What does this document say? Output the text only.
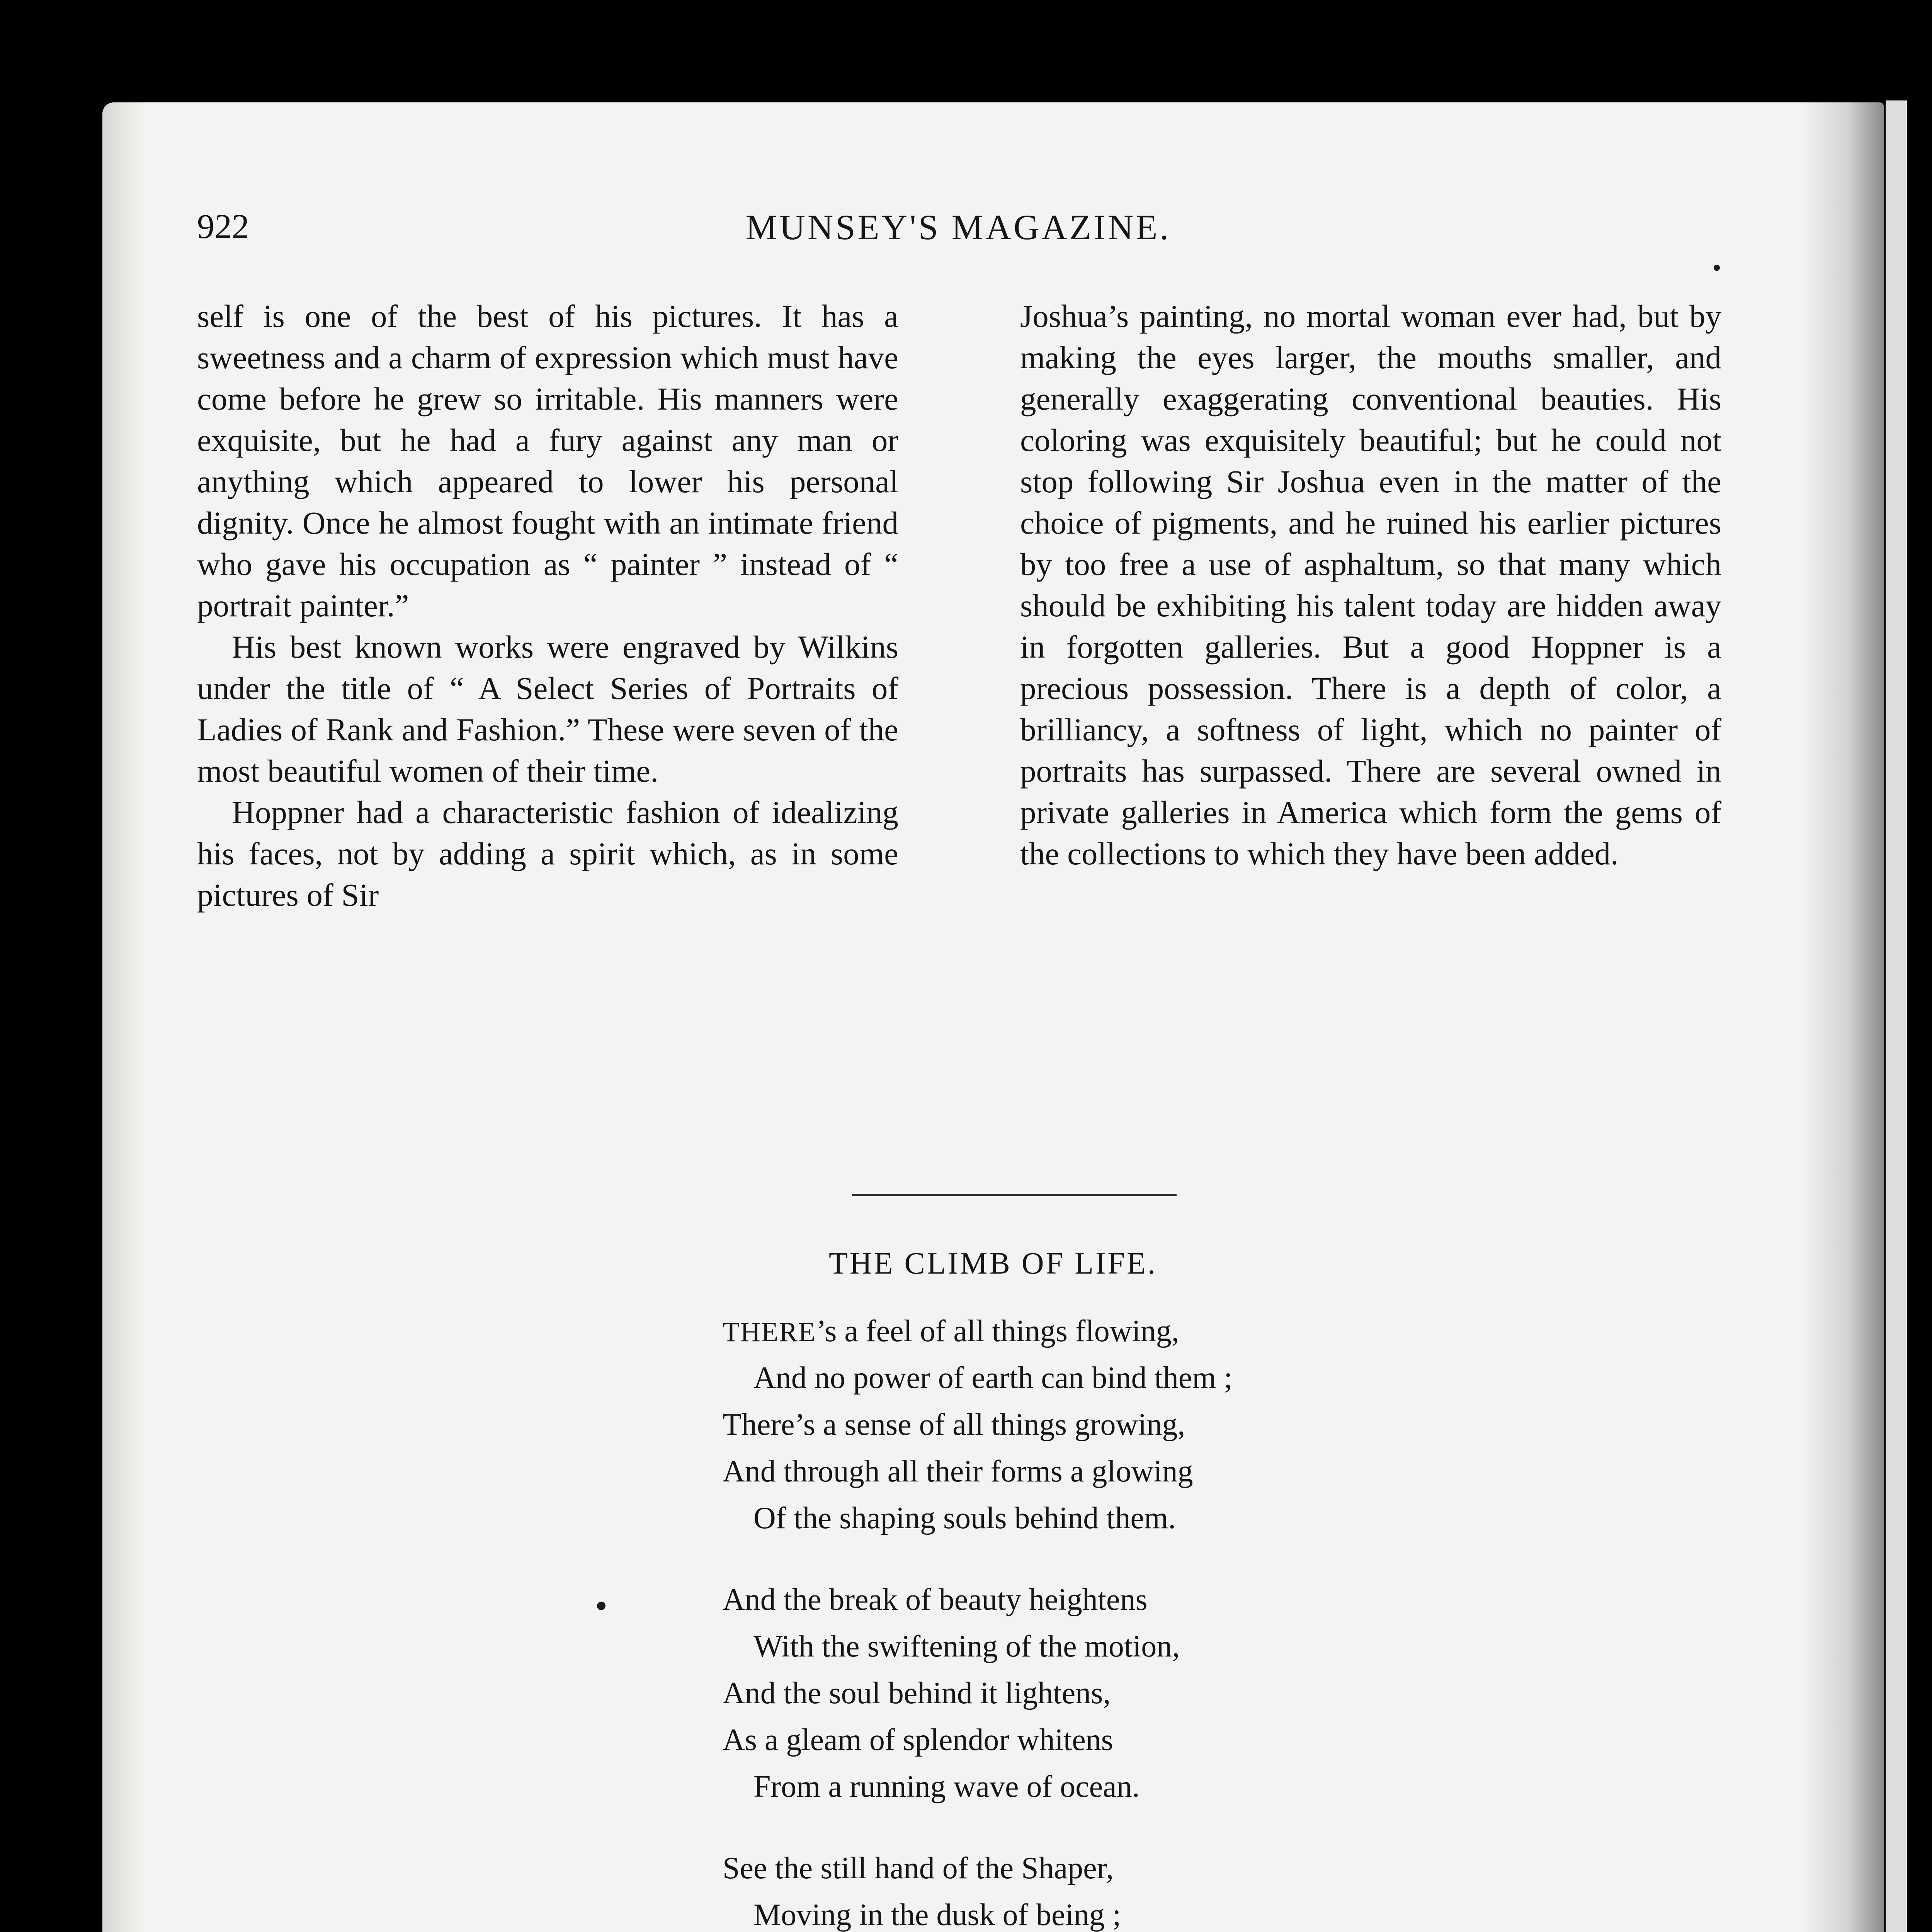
922	MUNSEY'S MAGAZINE.

self is one of the best of his pictures. It has a sweetness and a charm of expression which must have come before he grew so irritable. His manners were exquisite, but he had a fury against any man or anything which appeared to lower his personal dignity. Once he almost fought with an intimate friend who gave his occupation as “ painter ” instead of “ portrait painter.”

His best known works were engraved by Wilkins under the title of “ A Select Series of Portraits of Ladies of Rank and Fashion.” These were seven of the most beautiful women of their time.

Hoppner had a characteristic fashion of idealizing his faces, not by adding a spirit which, as in some pictures of Sir

Joshua’s painting, no mortal woman ever had, but by making the eyes larger, the mouths smaller, and generally exaggerating conventional beauties. His coloring was exquisitely beautiful; but he could not stop following Sir Joshua even in the matter of the choice of pigments, and he ruined his earlier pictures by too free a use of asphaltum, so that many which should be exhibiting his talent today are hidden away in forgotten galleries. But a good Hoppner is a precious possession. There is a depth of color, a brilliancy, a softness of light, which no painter of portraits has surpassed. There are several owned in private galleries in America which form the gems of the collections to which they have been added.

THE CLIMB OF LIFE.
THERE’s a feel of all things flowing,
And no power of earth can bind them ;
There’s a sense of all things growing,
And through all their forms a glowing
Of the shaping souls behind them.
And the break of beauty heightens
With the swiftening of the motion,
And the soul behind it lightens,
As a gleam of splendor whitens
From a running wave of ocean.
See the still hand of the Shaper,
Moving in the dusk of being ;
